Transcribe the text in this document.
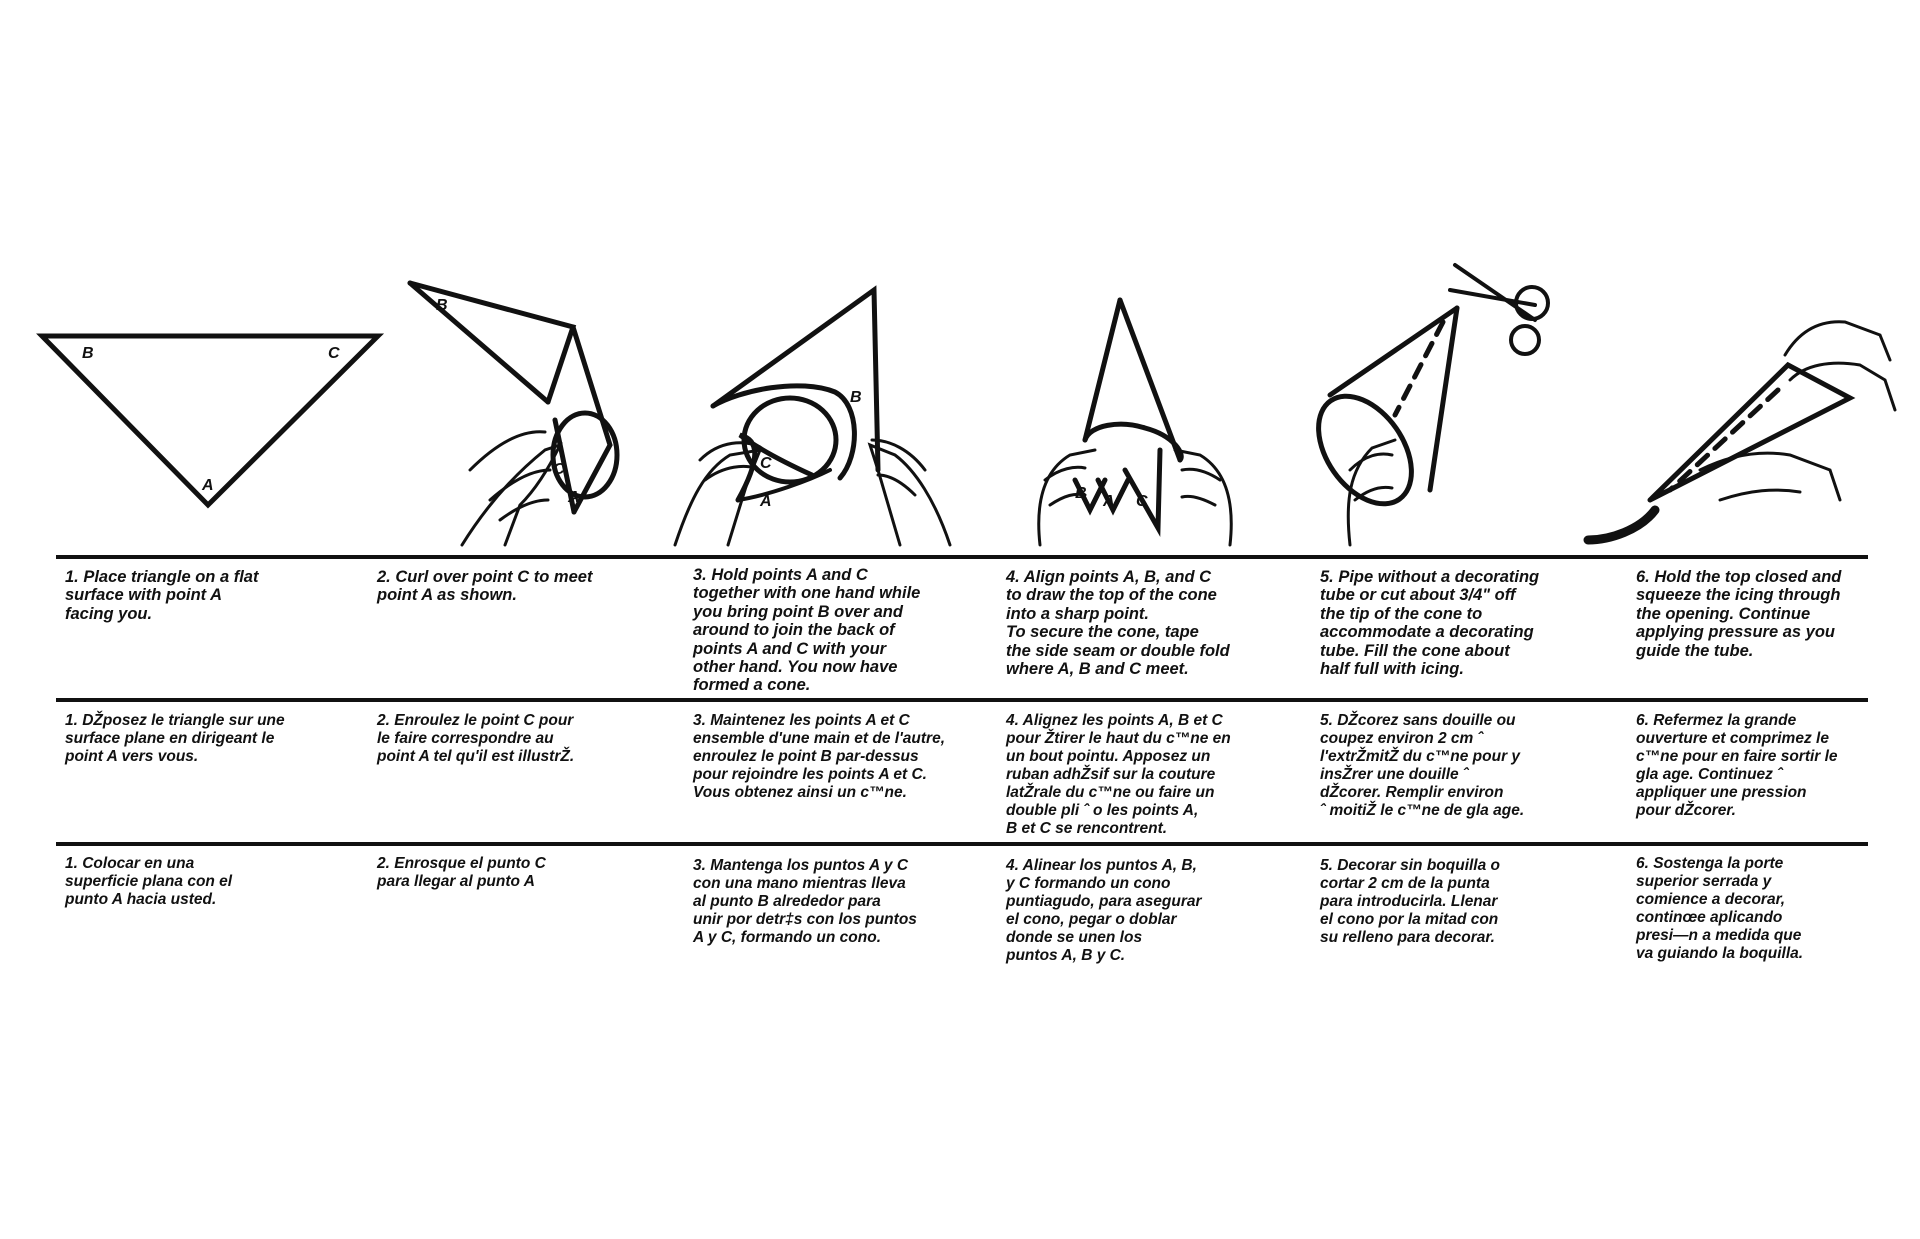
B	C
A
B
C
A
B
C
A	B A C
1. Place triangle on a flat
surface with point A
facing you.
2. Curl over point C to meet
point A as shown.
3. Hold points A and C
together with one hand while
you bring point B over and
around to join the back of
points A and C with your
other hand. You now have
formed a cone.
4. Align points A, B, and C
to draw the top of the cone
into a sharp point.
To secure the cone, tape
the side seam or double fold
where A, B and C meet.
5. Pipe without a decorating
tube or cut about 3/4" off
the tip of the cone to
accommodate a decorating
tube. Fill the cone about
half full with icing.
6. Hold the top closed and
squeeze the icing through
the opening. Continue
applying pressure as you
guide the tube.
1. DŽposez le triangle sur une
surface plane en dirigeant le
point A vers vous.
2. Enroulez le point C pour
le faire correspondre au
point A tel qu'il est illustrŽ.
3. Maintenez les points A et C
ensemble d'une main et de l'autre,
enroulez le point B par-dessus
pour rejoindre les points A et C.
Vous obtenez ainsi un c™ne.
4. Alignez les points A, B et C
pour Žtirer le haut du c™ne en
un bout pointu. Apposez un
ruban adhŽsif sur la couture
latŽrale du c™ne ou faire un
double pli ˆ o les points A,
B et C se rencontrent.
5. DŽcorez sans douille ou
coupez environ 2 cm ˆ
l'extrŽmitŽ du c™ne pour y
insŽrer une douille ˆ
dŽcorer. Remplir environ
ˆ moitiŽ le c™ne de gla age.
6. Refermez la grande
ouverture et comprimez le
c™ne pour en faire sortir le
gla age. Continuez ˆ
appliquer une pression
pour dŽcorer.
1. Colocar en una
superficie plana con el
punto A hacia usted.
2. Enrosque el punto C
para llegar al punto A
3. Mantenga los puntos A y C
con una mano mientras lleva
al punto B alrededor para
unir por detr‡s con los puntos
A y C, formando un cono.
4. Alinear los puntos A, B,
y C formando un cono
puntiagudo, para asegurar
el cono, pegar o doblar
donde se unen los
puntos A, B y C.
5. Decorar sin boquilla o
cortar 2 cm de la punta
para introducirla. Llenar
el cono por la mitad con
su relleno para decorar.
6. Sostenga la porte
superior serrada y
comience a decorar,
continœe aplicando
presi—n a medida que
va guiando la boquilla.
